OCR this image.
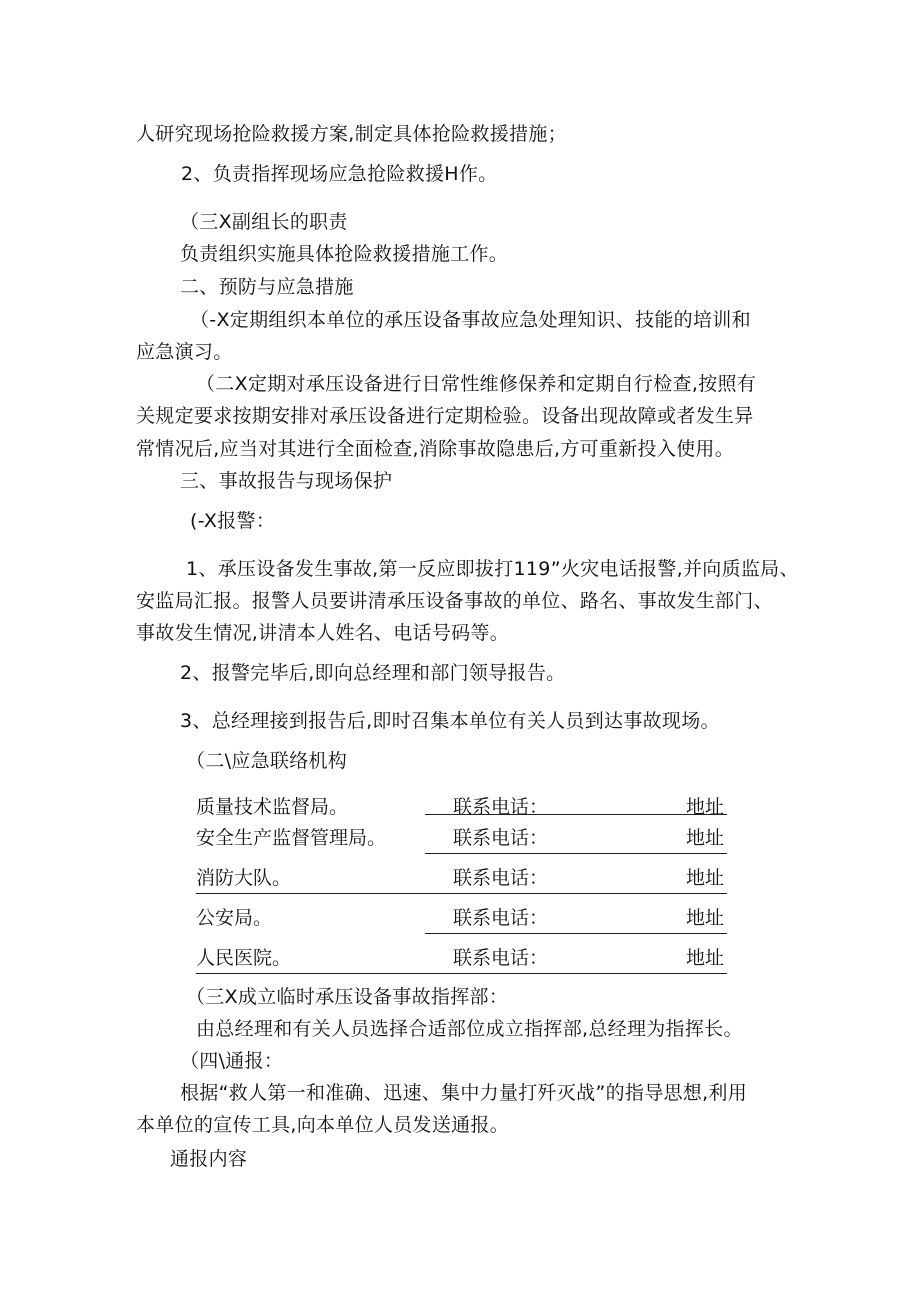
人研究现场抢险救援方案,制定具体抢险救援措施；
2、负责指挥现场应急抢险救援H作。
（三X副组长的职责
负责组织实施具体抢险救援措施工作。
二、预防与应急措施
（-X定期组织本单位的承压设备事故应急处理知识、技能的培训和
应急演习。
（二X定期对承压设备进行日常性维修保养和定期自行检查,按照有
关规定要求按期安排对承压设备进行定期检验。设备出现故障或者发生异
常情况后,应当对其进行全面检查,消除事故隐患后,方可重新投入使用。
三、事故报告与现场保护
(-X报警：
1、承压设备发生事故,第一反应即拔打119”火灾电话报警,并向质监局、
安监局汇报。报警人员要讲清承压设备事故的单位、路名、事故发生部门、
事故发生情况,讲清本人姓名、电话号码等。
2、报警完毕后,即向总经理和部门领导报告。
3、总经理接到报告后,即时召集本单位有关人员到达事故现场。
（二\应急联络机构
质量技术监督局。	联系电话：	地址
安全生产监督管理局。	联系电话：	地址
消防大队。	联系电话：	地址
公安局。	联系电话：	地址
人民医院。	联系电话：	地址
（三X成立临时承压设备事故指挥部：
由总经理和有关人员选择合适部位成立指挥部,总经理为指挥长。
（四\通报：
根据“救人第一和准确、迅速、集中力量打歼灭战”的指导思想,利用
本单位的宣传工具,向本单位人员发送通报。
通报内容
